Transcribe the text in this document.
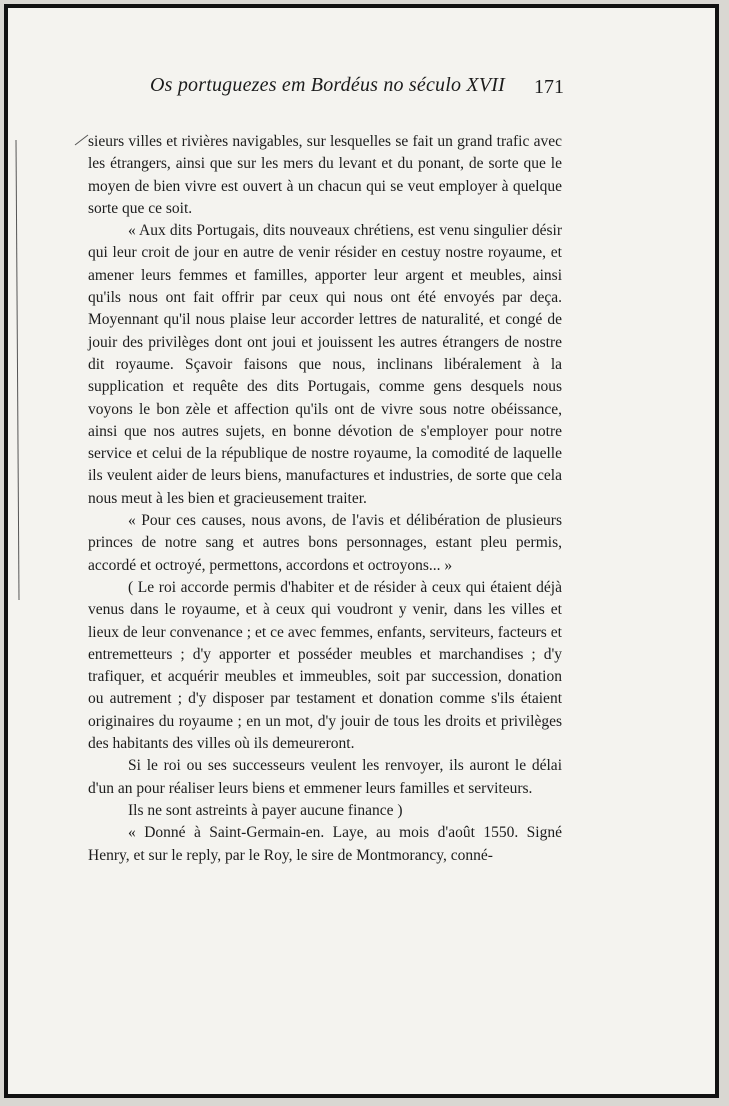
Os portuguezes em Bordéus no século XVII 171

sieurs villes et rivières navigables, sur lesquelles se fait un grand trafic avec les étrangers, ainsi que sur les mers du levant et du ponant, de sorte que le moyen de bien vivre est ouvert à un chacun qui se veut employer à quelque sorte que ce soit.

« Aux dits Portugais, dits nouveaux chrétiens, est venu singulier désir qui leur croit de jour en autre de venir résider en cestuy nostre royaume, et amener leurs femmes et familles, apporter leur argent et meubles, ainsi qu'ils nous ont fait offrir par ceux qui nous ont été envoyés par deça. Moyennant qu'il nous plaise leur accorder lettres de naturalité, et congé de jouir des privilèges dont ont joui et jouissent les autres étrangers de nostre dit royaume. Sçavoir faisons que nous, inclinans libéralement à la supplication et requête des dits Portugais, comme gens desquels nous voyons le bon zèle et affection qu'ils ont de vivre sous notre obéissance, ainsi que nos autres sujets, en bonne dévotion de s'employer pour notre service et celui de la république de nostre royaume, la comodité de laquelle ils veulent aider de leurs biens, manufactures et industries, de sorte que cela nous meut à les bien et gracieusement traiter.

« Pour ces causes, nous avons, de l'avis et délibération de plusieurs princes de notre sang et autres bons personnages, estant pleu permis, accordé et octroyé, permettons, accordons et octroyons... »

( Le roi accorde permis d'habiter et de résider à ceux qui étaient déjà venus dans le royaume, et à ceux qui voudront y venir, dans les villes et lieux de leur convenance ; et ce avec femmes, enfants, serviteurs, facteurs et entremetteurs ; d'y apporter et posséder meubles et marchandises ; d'y trafiquer, et acquérir meubles et immeubles, soit par succession, donation ou autrement ; d'y disposer par testament et donation comme s'ils étaient originaires du royaume ; en un mot, d'y jouir de tous les droits et privilèges des habitants des villes où ils demeureront.

Si le roi ou ses successeurs veulent les renvoyer, ils auront le délai d'un an pour réaliser leurs biens et emmener leurs familles et serviteurs.

Ils ne sont astreints à payer aucune finance )

« Donné à Saint-Germain-en. Laye, au mois d'août 1550. Signé Henry, et sur le reply, par le Roy, le sire de Montmorancy, conné-
